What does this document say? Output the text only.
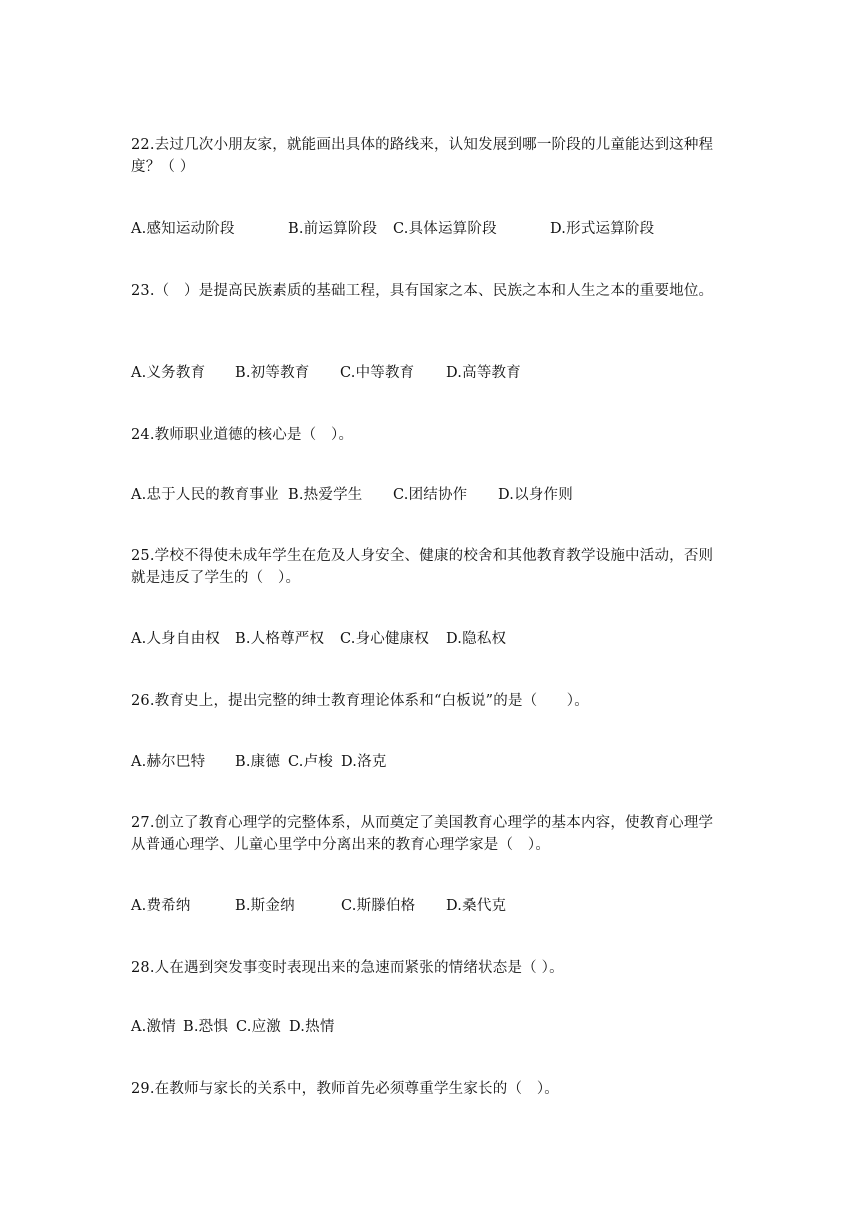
22.去过几次小朋友家，就能画出具体的路线来，认知发展到哪一阶段的儿童能达到这种程
度？（ ）
A.感知运动阶段	B.前运算阶段 C.具体运算阶段	D.形式运算阶段
23.（　）是提高民族素质的基础工程，具有国家之本、民族之本和人生之本的重要地位。
A.义务教育 B.初等教育 C.中等教育 D.高等教育
24.教师职业道德的核心是（　）。
A.忠于人民的教育事业 B.热爱学生 C.团结协作 D.以身作则
25.学校不得使未成年学生在危及人身安全、健康的校舍和其他教育教学设施中活动，否则
就是违反了学生的（　）。
A.人身自由权 B.人格尊严权 C.身心健康权 D.隐私权
26.教育史上，提出完整的绅士教育理论体系和“白板说”的是（　　）。
A.赫尔巴特 B.康德 C.卢梭 D.洛克
27.创立了教育心理学的完整体系，从而奠定了美国教育心理学的基本内容，使教育心理学
从普通心理学、儿童心里学中分离出来的教育心理学家是（　）。
A.费希纳	B.斯金纳	C.斯滕伯格 D.桑代克
28.人在遇到突发事变时表现出来的急速而紧张的情绪状态是（ ）。
A.激情 B.恐惧 C.应激 D.热情
29.在教师与家长的关系中，教师首先必须尊重学生家长的（　）。
